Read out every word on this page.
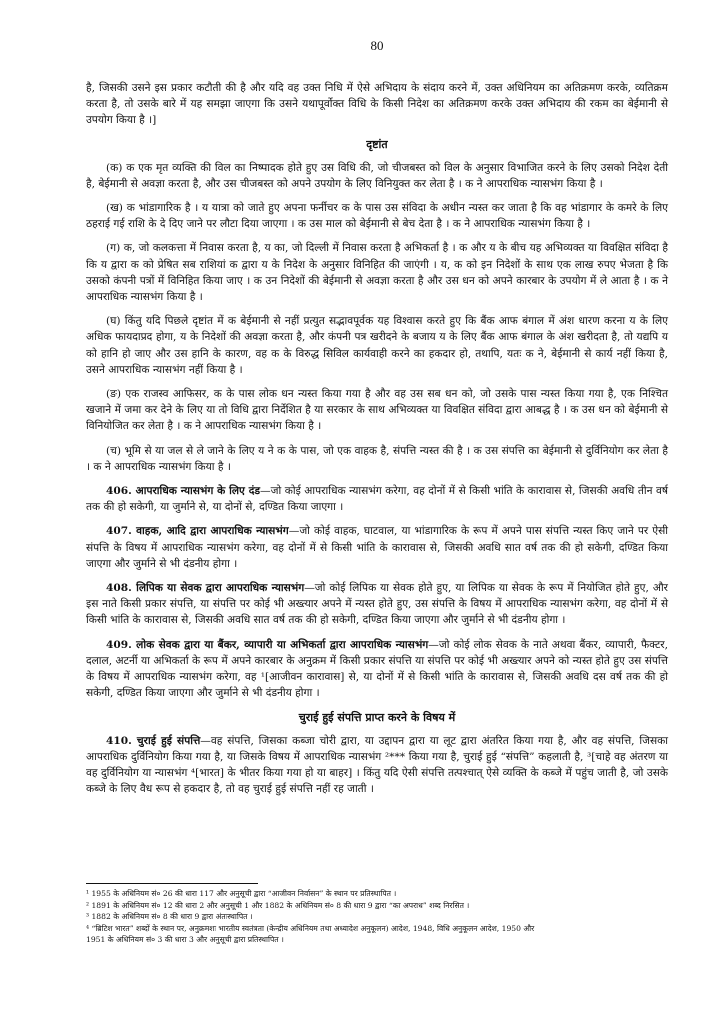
80

है, जिसकी उसने इस प्रकार कटौती की है और यदि वह उक्त निधि में ऐसे अभिदाय के संदाय करने में, उक्त अधिनियम का अतिक्रमण करके, व्यतिक्रम करता है, तो उसके बारे में यह समझा जाएगा कि उसने यथापूर्वोक्त विधि के किसी निदेश का अतिक्रमण करके उक्त अभिदाय की रकम का बेईमानी से उपयोग किया है ।]

दृष्टांत

(क) क एक मृत व्यक्ति की विल का निष्पादक होते हुए उस विधि की, जो चीजबस्त को विल के अनुसार विभाजित करने के लिए उसको निदेश देती है, बेईमानी से अवज्ञा करता है, और उस चीजबस्त को अपने उपयोग के लिए विनियुक्त कर लेता है । क ने आपराधिक न्यासभंग किया है ।

(ख) क भांडागारिक है । य यात्रा को जाते हुए अपना फर्नीचर क के पास उस संविदा के अधीन न्यस्त कर जाता है कि वह भांडागार के कमरे के लिए ठहराई गई राशि के दे दिए जाने पर लौटा दिया जाएगा । क उस माल को बेईमानी से बेच देता है । क ने आपराधिक न्यासभंग किया है ।

(ग) क, जो कलकत्ता में निवास करता है, य का, जो दिल्ली में निवास करता है अभिकर्ता है । क और य के बीच यह अभिव्यक्त या विवक्षित संविदा है कि य द्वारा क को प्रेषित सब राशियां क द्वारा य के निदेश के अनुसार विनिहित की जाएंगी । य, क को इन निदेशों के साथ एक लाख रुपए भेजता है कि उसको कंपनी पत्रों में विनिहित किया जाए । क उन निदेशों की बेईमानी से अवज्ञा करता है और उस धन को अपने कारबार के उपयोग में ले आता है । क ने आपराधिक न्यासभंग किया है ।

(घ) किंतु यदि पिछले दृष्टांत में क बेईमानी से नहीं प्रत्युत सद्भावपूर्वक यह विश्वास करते हुए कि बैंक आफ बंगाल में अंश धारण करना य के लिए अधिक फायदाप्रद होगा, य के निदेशों की अवज्ञा करता है, और कंपनी पत्र खरीदने के बजाय य के लिए बैंक आफ बंगाल के अंश खरीदता है, तो यद्यपि य को हानि हो जाए और उस हानि के कारण, वह क के विरुद्ध सिविल कार्यवाही करने का हकदार हो, तथापि, यतः क ने, बेईमानी से कार्य नहीं किया है, उसने आपराधिक न्यासभंग नहीं किया है ।

(ङ) एक राजस्व आफिसर, क के पास लोक धन न्यस्त किया गया है और वह उस सब धन को, जो उसके पास न्यस्त किया गया है, एक निश्चित खजाने में जमा कर देने के लिए या तो विधि द्वारा निर्देशित है या सरकार के साथ अभिव्यक्त या विवक्षित संविदा द्वारा आबद्ध है । क उस धन को बेईमानी से विनियोजित कर लेता है । क ने आपराधिक न्यासभंग किया है ।

(च) भूमि से या जल से ले जाने के लिए य ने क के पास, जो एक वाहक है, संपत्ति न्यस्त की है । क उस संपत्ति का बेईमानी से दुर्विनियोग कर लेता है । क ने आपराधिक न्यासभंग किया है ।

406. आपराधिक न्यासभंग के लिए दंड—जो कोई आपराधिक न्यासभंग करेगा, वह दोनों में से किसी भांति के कारावास से, जिसकी अवधि तीन वर्ष तक की हो सकेगी, या जुर्माने से, या दोनों से, दण्डित किया जाएगा ।

407. वाहक, आदि द्वारा आपराधिक न्यासभंग—जो कोई वाहक, घाटवाल, या भांडागारिक के रूप में अपने पास संपत्ति न्यस्त किए जाने पर ऐसी संपत्ति के विषय में आपराधिक न्यासभंग करेगा, वह दोनों में से किसी भांति के कारावास से, जिसकी अवधि सात वर्ष तक की हो सकेगी, दण्डित किया जाएगा और जुर्माने से भी दंडनीय होगा ।

408. लिपिक या सेवक द्वारा आपराधिक न्यासभंग—जो कोई लिपिक या सेवक होते हुए, या लिपिक या सेवक के रूप में नियोजित होते हुए, और इस नाते किसी प्रकार संपत्ति, या संपत्ति पर कोई भी अख्त्यार अपने में न्यस्त होते हुए, उस संपत्ति के विषय में आपराधिक न्यासभंग करेगा, वह दोनों में से किसी भांति के कारावास से, जिसकी अवधि सात वर्ष तक की हो सकेगी, दण्डित किया जाएगा और जुर्माने से भी दंडनीय होगा ।

409. लोक सेवक द्वारा या बैंकर, व्यापारी या अभिकर्ता द्वारा आपराधिक न्यासभंग—जो कोई लोक सेवक के नाते अथवा बैंकर, व्यापारी, फैक्टर, दलाल, अटर्नी या अभिकर्ता के रूप में अपने कारबार के अनुक्रम में किसी प्रकार संपत्ति या संपत्ति पर कोई भी अख्त्यार अपने को न्यस्त होते हुए उस संपत्ति के विषय में आपराधिक न्यासभंग करेगा, वह ¹[आजीवन कारावास] से, या दोनों में से किसी भांति के कारावास से, जिसकी अवधि दस वर्ष तक की हो सकेगी, दण्डित किया जाएगा और जुर्माने से भी दंडनीय होगा ।

चुराई हुई संपत्ति प्राप्त करने के विषय में

410. चुराई हुई संपत्ति—वह संपत्ति, जिसका कब्जा चोरी द्वारा, या उद्दापन द्वारा या लूट द्वारा अंतरित किया गया है, और वह संपत्ति, जिसका आपराधिक दुर्विनियोग किया गया है, या जिसके विषय में आपराधिक न्यासभंग ²*** किया गया है, चुराई हुई “संपत्ति” कहलाती है, ³[चाहे वह अंतरण या वह दुर्विनियोग या न्यासभंग ⁴[भारत] के भीतर किया गया हो या बाहर] । किंतु यदि ऐसी संपत्ति तत्पश्चात् ऐसे व्यक्ति के कब्जे में पहुंच जाती है, जो उसके कब्जे के लिए वैध रूप से हकदार है, तो वह चुराई हुई संपत्ति नहीं रह जाती ।

¹ 1955 के अधिनियम सं० 26 की धारा 117 और अनुसूची द्वारा “आजीवन निर्वासन” के स्थान पर प्रतिस्थापित ।

² 1891 के अधिनियम सं० 12 की धारा 2 और अनुसूची 1 और 1882 के अधिनियम सं० 8 की धारा 9 द्वारा “का अपराध” शब्द निरसित ।

³ 1882 के अधिनियम सं० 8 की धारा 9 द्वारा अंतःस्थापित ।

⁴ “ब्रिटिश भारत” शब्दों के स्थान पर, अनुक्रमशः भारतीय स्वतंत्रता (केन्द्रीय अधिनियम तथा अध्यादेश अनुकूलन) आदेश, 1948, विधि अनुकूलन आदेश, 1950 और

1951 के अधिनियम सं० 3 की धारा 3 और अनुसूची द्वारा प्रतिस्थापित ।
